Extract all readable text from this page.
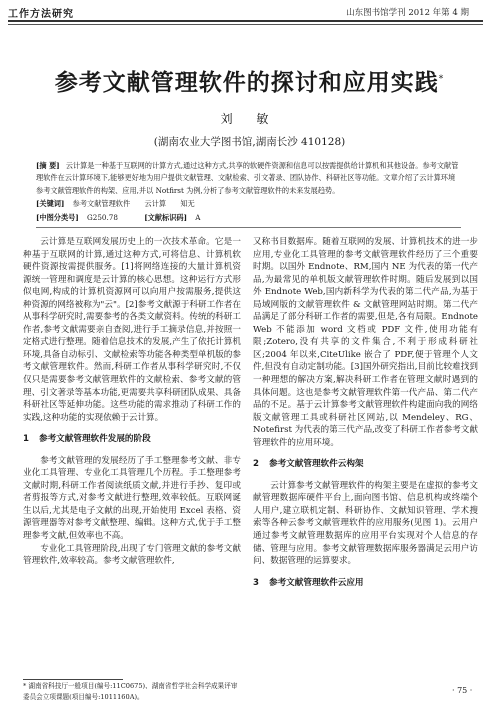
工作方法研究	山东图书馆学刊 2012 年第 4 期
参考文献管理软件的探讨和应用实践*
刘 敏
(湖南农业大学图书馆,湖南长沙 410128)
[摘 要] 云计算是一种基于互联网的计算方式,通过这种方式,共享的软硬件资源和信息可以按需提供给计算机和其他设备。参考文献管理软件在云计算环境下,能够更好地为用户提供文献管理、文献检索、引文著录、团队协作、科研社区等功能。文章介绍了云计算环境参考文献管理软件的构架、应用,并以 Notfirst 为例,分析了参考文献管理软件的未来发展趋势。
[关键词] 参考文献管理软件 云计算 知无
[中图分类号] G250.78	[文献标识码] A

云计算是互联网发展历史上的一次技术革命。它是一种基于互联网的计算,通过这种方式,可将信息、计算机软硬件资源按需提供服务。[1]将网络连接的大量计算机资源统一管理和调度是云计算的核心思想。这种运行方式形似电网,构成的计算机资源网可以向用户按需服务,提供这种资源的网络被称为"云"。[2]参考文献源于科研工作者在从事科学研究时,需要参考的各类文献资料。传统的科研工作者,参考文献需要亲自查阅,进行手工摘录信息,并按照一定格式进行整理。随着信息技术的发展,产生了依托计算机环境,具备自动标引、文献检索等功能各种类型单机版的参考文献管理软件。然而,科研工作者从事科学研究时,不仅仅只是需要参考文献管理软件的文献检索、参考文献的管理、引文著录等基本功能,更需要共享科研团队成果、具备科研社区等延伸功能。这些功能的需求推动了科研工作的实践,这种功能的实现依赖于云计算。

1 参考文献管理软件发展的阶段

参考文献管理的发展经历了手工整理参考文献、非专业化工具管理、专业化工具管理几个历程。手工整理参考文献时期,科研工作者阅读纸质文献,并进行手抄、复印或者剪报等方式,对参考文献进行整理,效率较低。互联网诞生以后,尤其是电子文献的出现,开始使用 Excel 表格、资源管理器等对参考文献整理、编辑。这种方式,优于手工整理参考文献,但效率也不高。

专业化工具管理阶段,出现了专门管理文献的参考文献管理软件,效率较高。参考文献管理软件,

又称书目数据库。随着互联网的发展、计算机技术的进一步应用,专业化工具管理的参考文献管理软件经历了三个重要时期。以国外 Endnote、RM,国内 NE 为代表的第一代产品,为最常见的单机版文献管理软件时期。随后发展到以国外 Endnote Web,国内新科学为代表的第二代产品,为基于局域网版的文献管理软件 & 文献管理网站时期。第二代产品满足了部分科研工作者的需要,但是,各有局限。Endnote Web 不能添加 word 文档或 PDF 文件,使用功能有限;Zotero,没有共享的文件集合,不利于形成科研社区;2004 年以来,CiteUlike 嵌合了 PDF,便于管理个人文件,但没有自动定制功能。[3]国外研究指出,目前比较难找到一种理想的解决方案,解决科研工作者在管理文献时遇到的具体问题。这也是参考文献管理软件第一代产品、第二代产品的不足。基于云计算参考文献管理软件构建面向我的网络版文献管理工具或科研社区网站,以 Mendeley、RG、Notefirst 为代表的第三代产品,改变了科研工作者参考文献管理软件的应用环境。

2 参考文献管理软件云构架

云计算参考文献管理软件的构架主要是在虚拟的参考文献管理数据库硬件平台上,面向图书馆、信息机构或终端个人用户,建立联机定制、科研协作、文献知识管理、学术搜索等各种云参考文献管理软件的应用服务(见图 1)。云用户通过参考文献管理数据库的应用平台实现对个人信息的存储、管理与应用。参考文献管理数据库服务器满足云用户访问、数据管理的运算要求。

3 参考文献管理软件云应用

* 湖南省科技厅一般项目(编号:11C0675)、湖南省哲学社会科学成果评审委员会立项课题(项目编号:1011160A)。
· 75 ·
